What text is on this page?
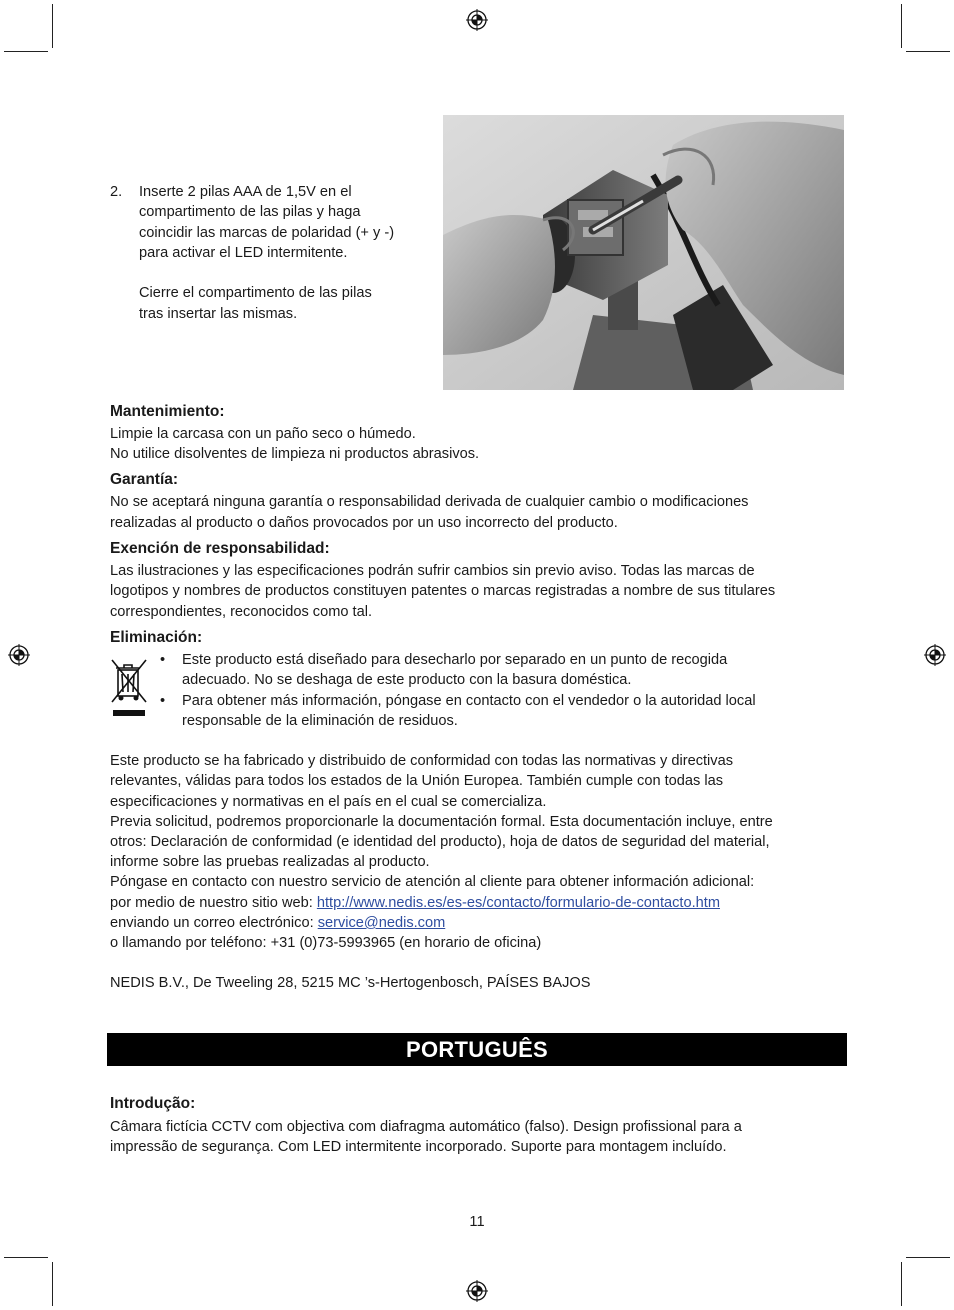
2. Inserte 2 pilas AAA de 1,5V en el
compartimento de las pilas y haga
coincidir las marcas de polaridad (+ y -)
para activar el LED intermitente.
Cierre el compartimento de las pilas
tras insertar las mismas.
Mantenimiento:
Limpie la carcasa con un paño seco o húmedo.
No utilice disolventes de limpieza ni productos abrasivos.
Garantía:
No se aceptará ninguna garantía o responsabilidad derivada de cualquier cambio o modificaciones
realizadas al producto o daños provocados por un uso incorrecto del producto.
Exención de responsabilidad:
Las ilustraciones y las especificaciones podrán sufrir cambios sin previo aviso. Todas las marcas de
logotipos y nombres de productos constituyen patentes o marcas registradas a nombre de sus titulares
correspondientes, reconocidos como tal.
Eliminación:
• Este producto está diseñado para desecharlo por separado en un punto de recogida
adecuado. No se deshaga de este producto con la basura doméstica.
• Para obtener más información, póngase en contacto con el vendedor o la autoridad local
responsable de la eliminación de residuos.
Este producto se ha fabricado y distribuido de conformidad con todas las normativas y directivas
relevantes, válidas para todos los estados de la Unión Europea. También cumple con todas las
especificaciones y normativas en el país en el cual se comercializa.
Previa solicitud, podremos proporcionarle la documentación formal. Esta documentación incluye, entre
otros: Declaración de conformidad (e identidad del producto), hoja de datos de seguridad del material,
informe sobre las pruebas realizadas al producto.
Póngase en contacto con nuestro servicio de atención al cliente para obtener información adicional:
por medio de nuestro sitio web: http://www.nedis.es/es-es/contacto/formulario-de-contacto.htm
enviando un correo electrónico: service@nedis.com
o llamando por teléfono: +31 (0)73-5993965 (en horario de oficina)
NEDIS B.V., De Tweeling 28, 5215 MC ’s-Hertogenbosch, PAÍSES BAJOS
PORTUGUÊS
Introdução:
Câmara fictícia CCTV com objectiva com diafragma automático (falso). Design profissional para a
impressão de segurança. Com LED intermitente incorporado. Suporte para montagem incluído.
11
